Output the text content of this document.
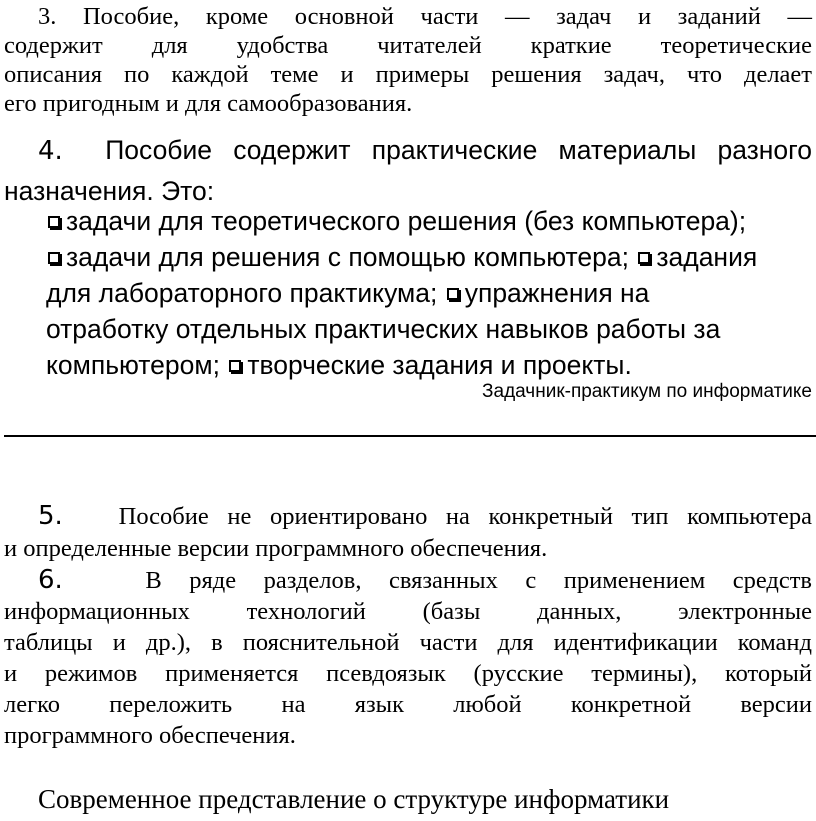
3. Пособие, кроме основной части — задач и заданий —
содержит для удобства читателей краткие теоретические
описания по каждой теме и примеры решения задач, что делает
его пригодным и для самообразования.
4. Пособие содержит практические материалы разного
назначения. Это:
задачи для теоретического решения (без компьютера);
задачи для решения с помощью компьютера; задания
для лабораторного практикума; упражнения на
отработку отдельных практических навыков работы за
компьютером; творческие задания и проекты.
Задачник-практикум по информатике
5. Пособие не ориентировано на конкретный тип компьютера
и определенные версии программного обеспечения.
6.	В ряде разделов, связанных с применением средств
информационных технологий (базы данных, электронные
таблицы и др.), в пояснительной части для идентификации команд
и режимов применяется псевдоязык (русские термины), который
легко переложить на язык любой конкретной версии
программного обеспечения.
Современное представление о структуре информатики
